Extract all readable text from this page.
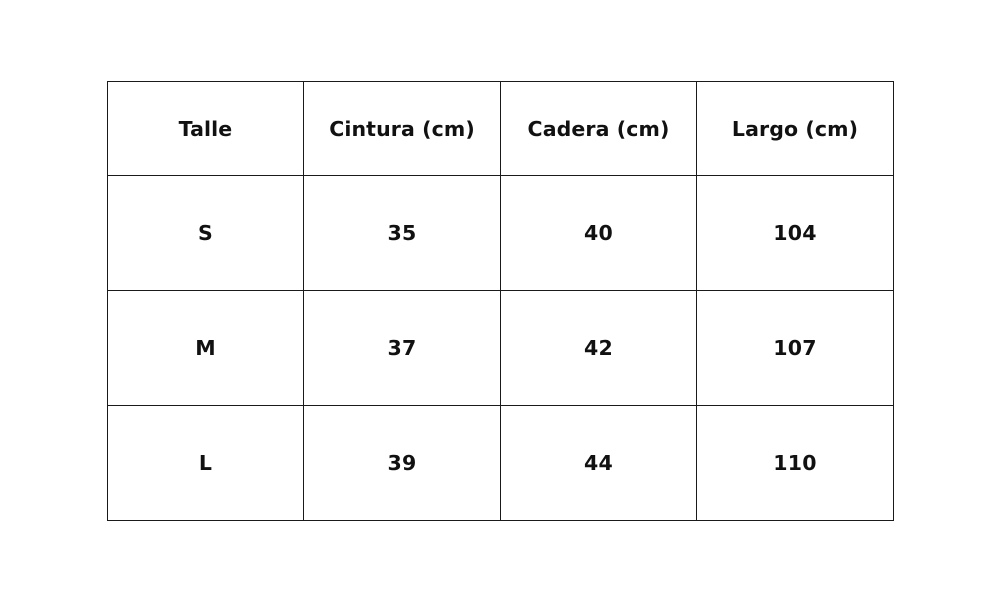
Talle	Cintura (cm)	Cadera (cm)	Largo (cm)
S	35	40	104
M	37	42	107
L	39	44	110
